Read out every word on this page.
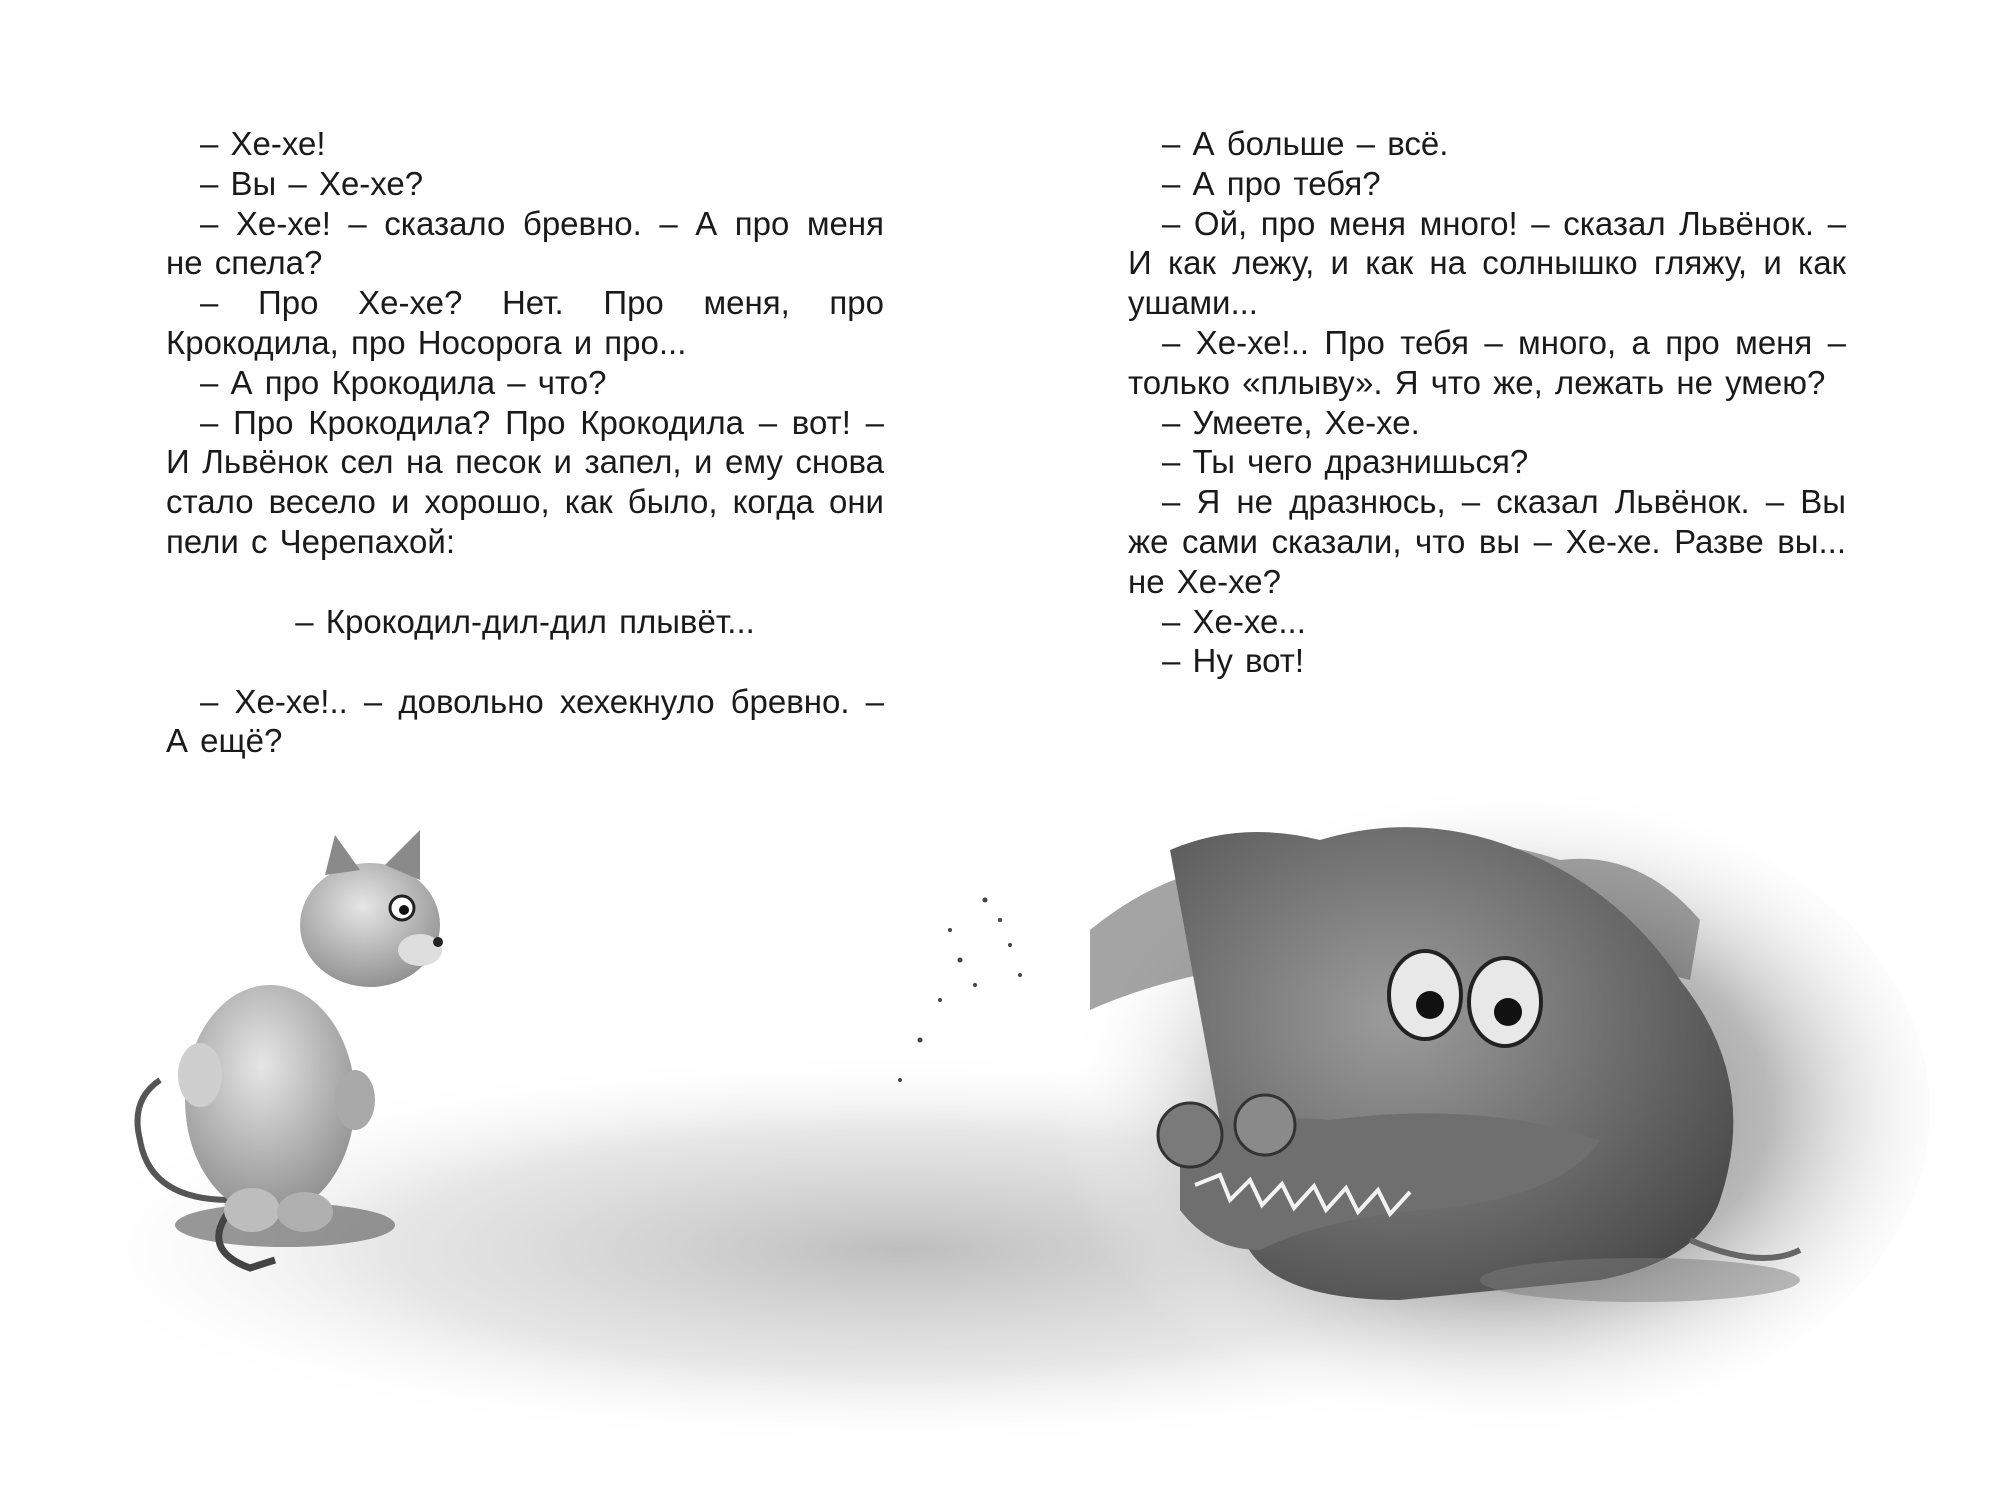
– Хе-хе!

– Вы – Хе-хе?

– Хе-хе! – сказало бревно. – А про меня не спела?

– Про Хе-хе? Нет. Про меня, про Крокодила, про Носорога и про...

– А про Крокодила – что?

– Про Крокодила? Про Крокодила – вот! – И Львёнок сел на песок и запел, и ему снова стало весело и хорошо, как было, когда они пели с Черепахой:

– Крокодил-дил-дил плывёт...

– Хе-хе!.. – довольно хехекнуло бревно. – А ещё?

– А больше – всё.

– А про тебя?

– Ой, про меня много! – сказал Львёнок. – И как лежу, и как на солнышко гляжу, и как ушами...

– Хе-хе!.. Про тебя – много, а про меня – только «плыву». Я что же, лежать не умею?

– Умеете, Хе-хе.

– Ты чего дразнишься?

– Я не дразнюсь, – сказал Львёнок. – Вы же сами сказали, что вы – Хе-хе. Разве вы... не Хе-хе?

– Хе-хе...

– Ну вот!
